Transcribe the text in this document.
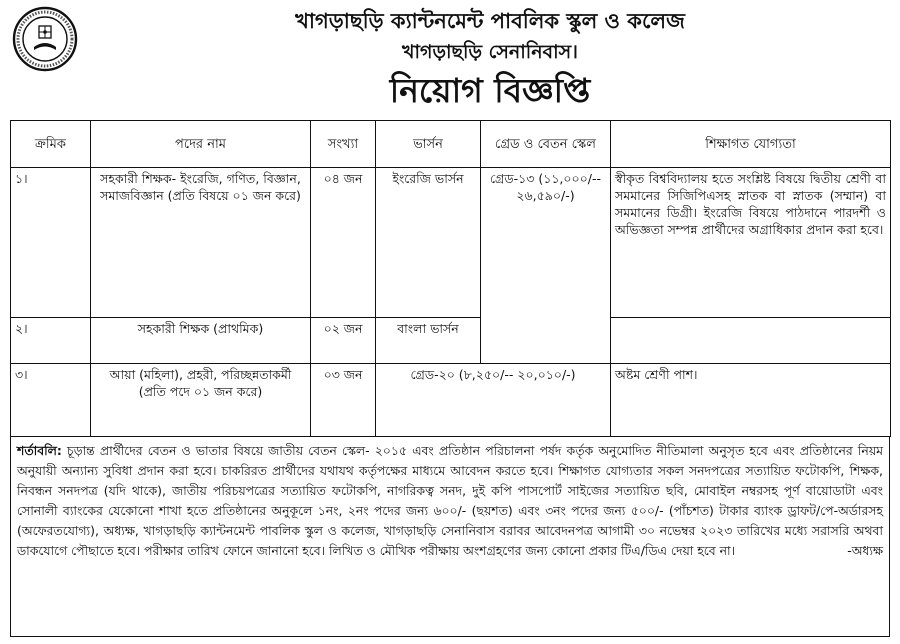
খাগড়াছড়ি ক্যান্টনমেন্ট পাবলিক স্কুল ও কলেজ
খাগড়াছড়ি সেনানিবাস।
নিয়োগ বিজ্ঞপ্তি
ক্রমিক	পদের নাম	সংখ্যা	ভার্সন	গ্রেড ও বেতন স্কেল	শিক্ষাগত যোগ্যতা
১।	সহকারী শিক্ষক- ইংরেজি, গণিত, বিজ্ঞান, সমাজবিজ্ঞান (প্রতি বিষয়ে ০১ জন করে)	০৪ জন	ইংরেজি ভার্সন	গ্রেড-১৩ (১১,০০০/-- ২৬,৫৯০/-)	স্বীকৃত বিশ্ববিদ্যালয় হতে সংশ্লিষ্ট বিষয়ে দ্বিতীয় শ্রেণী বা সমমানের সিজিপিএসহ স্নাতক বা স্নাতক (সম্মান) বা সমমানের ডিগ্রী। ইংরেজি বিষয়ে পাঠদানে পারদর্শী ও অভিজ্ঞতা সম্পন্ন প্রার্থীদের অগ্রাধিকার প্রদান করা হবে।
২।	সহকারী শিক্ষক (প্রাথমিক)	০২ জন	বাংলা ভার্সন		
৩।	আয়া (মহিলা), প্রহরী, পরিচ্ছন্নতাকর্মী (প্রতি পদে ০১ জন করে)	০৩ জন	গ্রেড-২০ (৮,২৫০/-- ২০,০১০/-)		অষ্টম শ্রেণী পাশ।
শর্তাবলি: চূড়ান্ত প্রার্থীদের বেতন ও ভাতার বিষয়ে জাতীয় বেতন স্কেল- ২০১৫ এবং প্রতিষ্ঠান পরিচালনা পর্ষদ কর্তৃক অনুমোদিত নীতিমালা অনুসৃত হবে এবং প্রতিষ্ঠানের নিয়ম অনুযায়ী অন্যান্য সুবিধা প্রদান করা হবে। চাকরিরত প্রার্থীদের যথাযথ কর্তৃপক্ষের মাধ্যমে আবেদন করতে হবে। শিক্ষাগত যোগ্যতার সকল সনদপত্রের সত্যায়িত ফটোকপি, শিক্ষক, নিবন্ধন সনদপত্র (যদি থাকে), জাতীয় পরিচয়পত্রের সত্যায়িত ফটোকপি, নাগরিকত্ব সনদ, দুই কপি পাসপোর্ট সাইজের সত্যায়িত ছবি, মোবাইল নম্বরসহ পূর্ণ বায়োডাটা এবং সোনালী ব্যাংকের যেকোনো শাখা হতে প্রতিষ্ঠানের অনুকূলে ১নং, ২নং পদের জন্য ৬০০/- (ছয়শত) এবং ৩নং পদের জন্য ৫০০/- (পাঁচশত) টাকার ব্যাংক ড্রাফট/পে-অর্ডারসহ (অফেরতযোগ্য), অধ্যক্ষ, খাগড়াছড়ি ক্যান্টনমেন্ট পাবলিক স্কুল ও কলেজ, খাগড়াছড়ি সেনানিবাস বরাবর আবেদনপত্র আগামী ৩০ নভেম্বর ২০২৩ তারিখের মধ্যে সরাসরি অথবা ডাকযোগে পৌছাতে হবে। পরীক্ষার তারিখ ফোনে জানানো হবে। লিখিত ও মৌখিক পরীক্ষায় অংশগ্রহণের জন্য কোনো প্রকার টিএ/ডিএ দেয়া হবে না।	-অধ্যক্ষ
